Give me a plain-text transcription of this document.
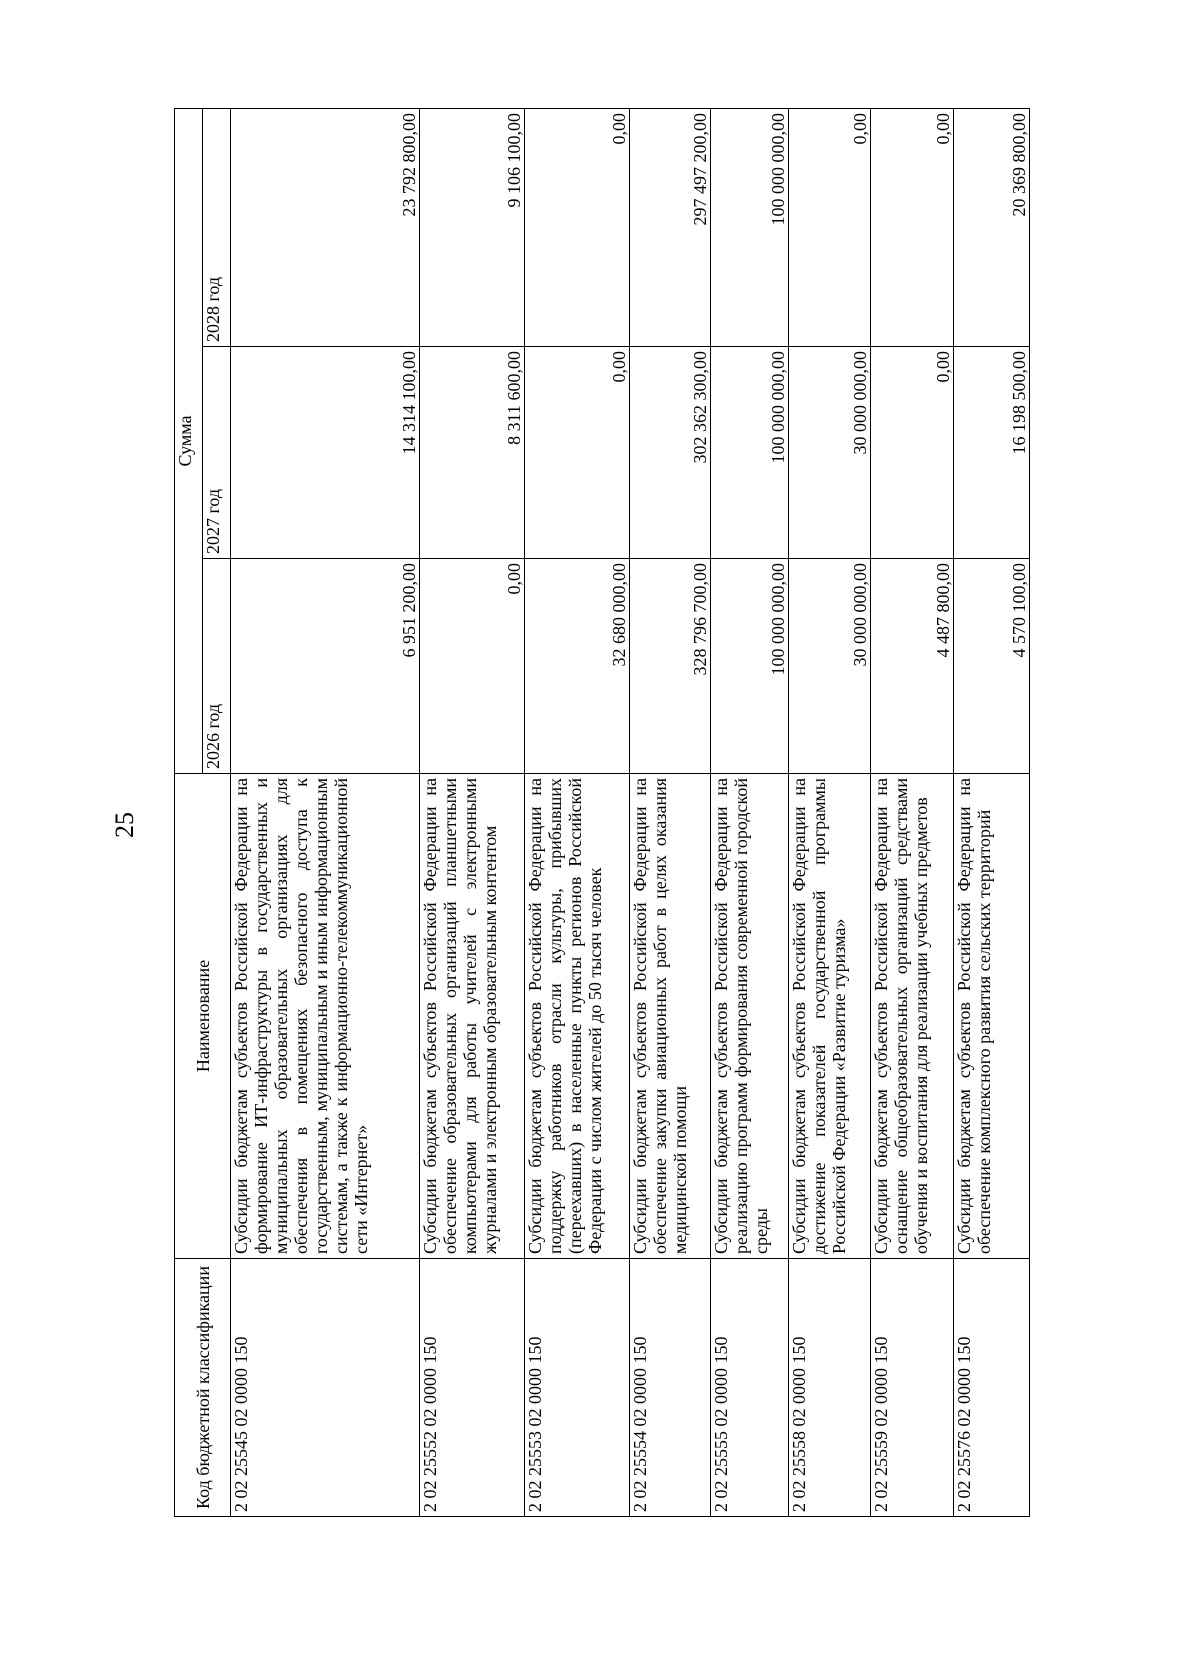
25
Код бюджетной классификации	Наименование	Сумма		
		2026 год	2027 год	2028 год
2 02 25545 02 0000 150	Субсидии бюджетам субъектов Российской Федерации на формирование ИТ-инфраструктуры в государственных и муниципальных образовательных организациях для обеспечения в помещениях безопасного доступа к государственным, муниципальным и иным информационным системам, а также к информационно-телекоммуникационной сети «Интернет»	6 951 200,00	14 314 100,00	23 792 800,00
2 02 25552 02 0000 150	Субсидии бюджетам субъектов Российской Федерации на обеспечение образовательных организаций планшетными компьютерами для работы учителей с электронными журналами и электронным образовательным контентом	0,00	8 311 600,00	9 106 100,00
2 02 25553 02 0000 150	Субсидии бюджетам субъектов Российской Федерации на поддержку работников отрасли культуры, прибывших (переехавших) в населенные пункты регионов Российской Федерации с числом жителей до 50 тысяч человек	32 680 000,00	0,00	0,00
2 02 25554 02 0000 150	Субсидии бюджетам субъектов Российской Федерации на обеспечение закупки авиационных работ в целях оказания медицинской помощи	328 796 700,00	302 362 300,00	297 497 200,00
2 02 25555 02 0000 150	Субсидии бюджетам субъектов Российской Федерации на реализацию программ формирования современной городской среды	100 000 000,00	100 000 000,00	100 000 000,00
2 02 25558 02 0000 150	Субсидии бюджетам субъектов Российской Федерации на достижение показателей государственной программы Российской Федерации «Развитие туризма»	30 000 000,00	30 000 000,00	0,00
2 02 25559 02 0000 150	Субсидии бюджетам субъектов Российской Федерации на оснащение общеобразовательных организаций средствами обучения и воспитания для реализации учебных предметов	4 487 800,00	0,00	0,00
2 02 25576 02 0000 150	Субсидии бюджетам субъектов Российской Федерации на обеспечение комплексного развития сельских территорий	4 570 100,00	16 198 500,00	20 369 800,00
